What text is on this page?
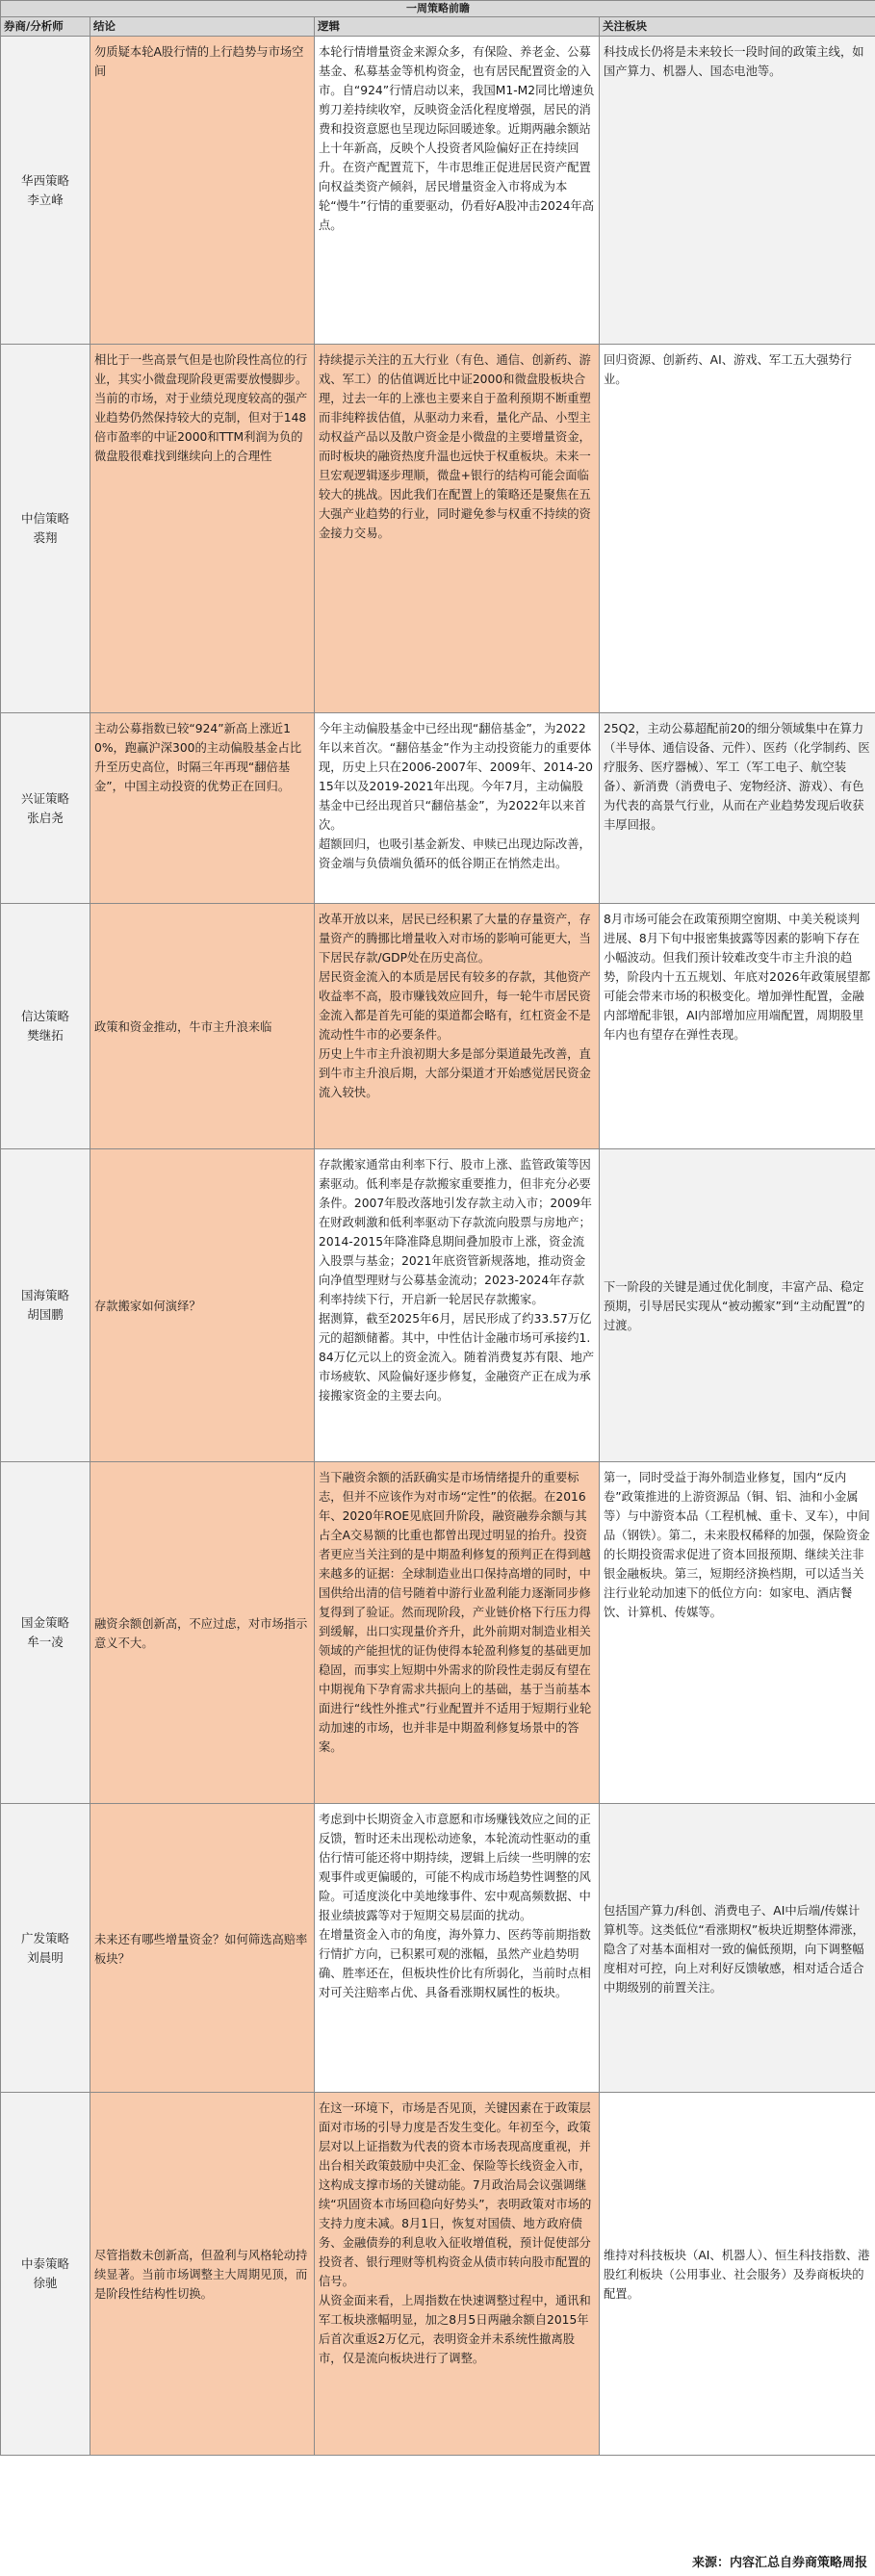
一周策略前瞻			
券商/分析师	结论	逻辑	关注板块

华西策略
李立峰	勿质疑本轮A股行情的上行趋势与市场空间	本轮行情增量资金来源众多，有保险、养老金、公募基金、私募基金等机构资金，也有居民配置资金的入市。自“924”行情启动以来，我国M1-M2同比增速负剪刀差持续收窄，反映资金活化程度增强，居民的消费和投资意愿也呈现边际回暖迹象。近期两融余额站上十年新高，反映个人投资者风险偏好正在持续回升。在资产配置荒下，牛市思维正促进居民资产配置向权益类资产倾斜，居民增量资金入市将成为本轮“慢牛”行情的重要驱动，仍看好A股冲击2024年高点。	科技成长仍将是未来较长一段时间的政策主线，如国产算力、机器人、国态电池等。

中信策略
裘翔	相比于一些高景气但是也阶段性高位的行业，其实小微盘现阶段更需要放慢脚步。当前的市场，对于业绩兑现度较高的强产业趋势仍然保持较大的克制，但对于148倍市盈率的中证2000和TTM利润为负的微盘股很难找到继续向上的合理性	持续提示关注的五大行业（有色、通信、创新药、游戏、军工）的估值调近比中证2000和微盘股板块合理，过去一年的上涨也主要来自于盈利预期不断重塑而非纯粹拔估值，从驱动力来看，量化产品、小型主动权益产品以及散户资金是小微盘的主要增量资金，而时板块的融资热度升温也远快于权重板块。未来一旦宏观逻辑逐步理顺，微盘+银行的结构可能会面临较大的挑战。因此我们在配置上的策略还是聚焦在五大强产业趋势的行业，同时避免参与权重不持续的资金接力交易。	回归资源、创新药、AI、游戏、军工五大强势行业。

兴证策略
张启尧	主动公募指数已较“924”新高上涨近10%，跑赢沪深300的主动偏股基金占比升至历史高位，时隔三年再现“翻倍基金”，中国主动投资的优势正在回归。	今年主动偏股基金中已经出现“翻倍基金”，为2022年以来首次。“翻倍基金”作为主动投资能力的重要体现，历史上只在2006-2007年、2009年、2014-2015年以及2019-2021年出现。今年7月，主动偏股基金中已经出现首只“翻倍基金”，为2022年以来首次。
超额回归，也吸引基金新发、申赎已出现边际改善，资金端与负债端负循环的低谷期正在悄然走出。	25Q2，主动公募超配前20的细分领域集中在算力（半导体、通信设备、元件）、医药（化学制药、医疗服务、医疗器械）、军工（军工电子、航空装备）、新消费（消费电子、宠物经济、游戏）、有色为代表的高景气行业，从而在产业趋势发现后收获丰厚回报。

信达策略
樊继拓	政策和资金推动，牛市主升浪来临	改革开放以来，居民已经积累了大量的存量资产，存量资产的腾挪比增量收入对市场的影响可能更大，当下居民存款/GDP处在历史高位。
居民资金流入的本质是居民有较多的存款，其他资产收益率不高，股市赚钱效应回升，每一轮牛市居民资金流入都是首先可能的渠道都会略有，红杠资金不是流动性牛市的必要条件。
历史上牛市主升浪初期大多是部分渠道最先改善，直到牛市主升浪后期，大部分渠道才开始感觉居民资金流入较快。	8月市场可能会在政策预期空窗期、中美关税谈判进展、8月下旬中报密集披露等因素的影响下存在小幅波动。但我们预计较难改变牛市主升浪的趋势，阶段内十五五规划、年底对2026年政策展望都可能会带来市场的积极变化。增加弹性配置，金融内部增配非银，AI内部增加应用端配置，周期股里年内也有望存在弹性表现。

国海策略
胡国鹏	存款搬家如何演绎？	存款搬家通常由利率下行、股市上涨、监管政策等因素驱动。低利率是存款搬家重要推力，但非充分必要条件。2007年股改落地引发存款主动入市；2009年在财政刺激和低利率驱动下存款流向股票与房地产；2014-2015年降准降息期间叠加股市上涨，资金流入股票与基金；2021年底资管新规落地，推动资金向净值型理财与公募基金流动；2023-2024年存款利率持续下行，开启新一轮居民存款搬家。
据测算，截至2025年6月，居民形成了约33.57万亿元的超额储蓄。其中，中性估计金融市场可承接约1.84万亿元以上的资金流入。随着消费复苏有限、地产市场疲软、风险偏好逐步修复，金融资产正在成为承接搬家资金的主要去向。	下一阶段的关键是通过优化制度，丰富产品、稳定预期，引导居民实现从“被动搬家”到“主动配置”的过渡。

国金策略
牟一凌	融资余额创新高，不应过虑，对市场指示意义不大。	当下融资余额的活跃确实是市场情绪提升的重要标志，但并不应该作为对市场“定性”的依据。在2016年、2020年ROE见底回升阶段，融资融券余额与其占全A交易额的比重也都曾出现过明显的抬升。投资者更应当关注到的是中期盈利修复的预判正在得到越来越多的证据：全球制造业出口保持高增的同时，中国供给出清的信号随着中游行业盈利能力逐渐同步修复得到了验证。然而现阶段，产业链价格下行压力得到缓解，出口实现量价齐升，此外前期对制造业相关领域的产能担忧的证伪使得本轮盈利修复的基础更加稳固，而事实上短期中外需求的阶段性走弱反有望在中期视角下孕育需求共振向上的基础，基于当前基本面进行“线性外推式”行业配置并不适用于短期行业轮动加速的市场，也并非是中期盈利修复场景中的答案。	第一，同时受益于海外制造业修复，国内“反内卷”政策推进的上游资源品（铜、铝、油和小金属等）与中游资本品（工程机械、重卡、叉车），中间品（钢铁）。第二，未来股权稀释的加强，保险资金的长期投资需求促进了资本回报预期、继续关注非银金融板块。第三，短期经济换档期，可以适当关注行业轮动加速下的低位方向：如家电、酒店餐饮、计算机、传媒等。

广发策略
刘晨明	未来还有哪些增量资金？如何筛选高赔率板块？	考虑到中长期资金入市意愿和市场赚钱效应之间的正反馈，暂时还未出现松动迹象，本轮流动性驱动的重估行情可能还将中期持续，逻辑上后续一些明牌的宏观事件或更偏暖的，可能不构成市场趋势性调整的风险。可适度淡化中美地缘事件、宏中观高频数据、中报业绩披露等对于短期交易层面的扰动。
在增量资金入市的角度，海外算力、医药等前期指数行情扩方向，已积累可观的涨幅，虽然产业趋势明确、胜率还在，但板块性价比有所弱化，当前时点相对可关注赔率占优、具备看涨期权属性的板块。	包括国产算力/科创、消费电子、AI中后端/传媒计算机等。这类低位“看涨期权”板块近期整体滞涨，隐含了对基本面相对一致的偏低预期，向下调整幅度相对可控，向上对利好反馈敏感，相对适合适合中期级别的前置关注。

中泰策略
徐驰	尽管指数未创新高，但盈利与风格轮动持续显著。当前市场调整主大周期见顶，而是阶段性结构性切换。	在这一环境下，市场是否见顶，关键因素在于政策层面对市场的引导力度是否发生变化。年初至今，政策层对以上证指数为代表的资本市场表现高度重视，并出台相关政策鼓励中央汇金、保险等长线资金入市，这构成支撑市场的关键动能。7月政治局会议强调继续“巩固资本市场回稳向好势头”，表明政策对市场的支持力度未减。8月1日，恢复对国债、地方政府债务、金融债券的利息收入征收增值税，预计促使部分投资者、银行理财等机构资金从债市转向股市配置的信号。
从资金面来看，上周指数在快速调整过程中，通讯和军工板块涨幅明显，加之8月5日两融余额自2015年后首次重返2万亿元，表明资金并未系统性撤离股市，仅是流向板块进行了调整。	维持对科技板块（AI、机器人）、恒生科技指数、港股红利板块（公用事业、社会服务）及券商板块的配置。
来源：内容汇总自券商策略周报
